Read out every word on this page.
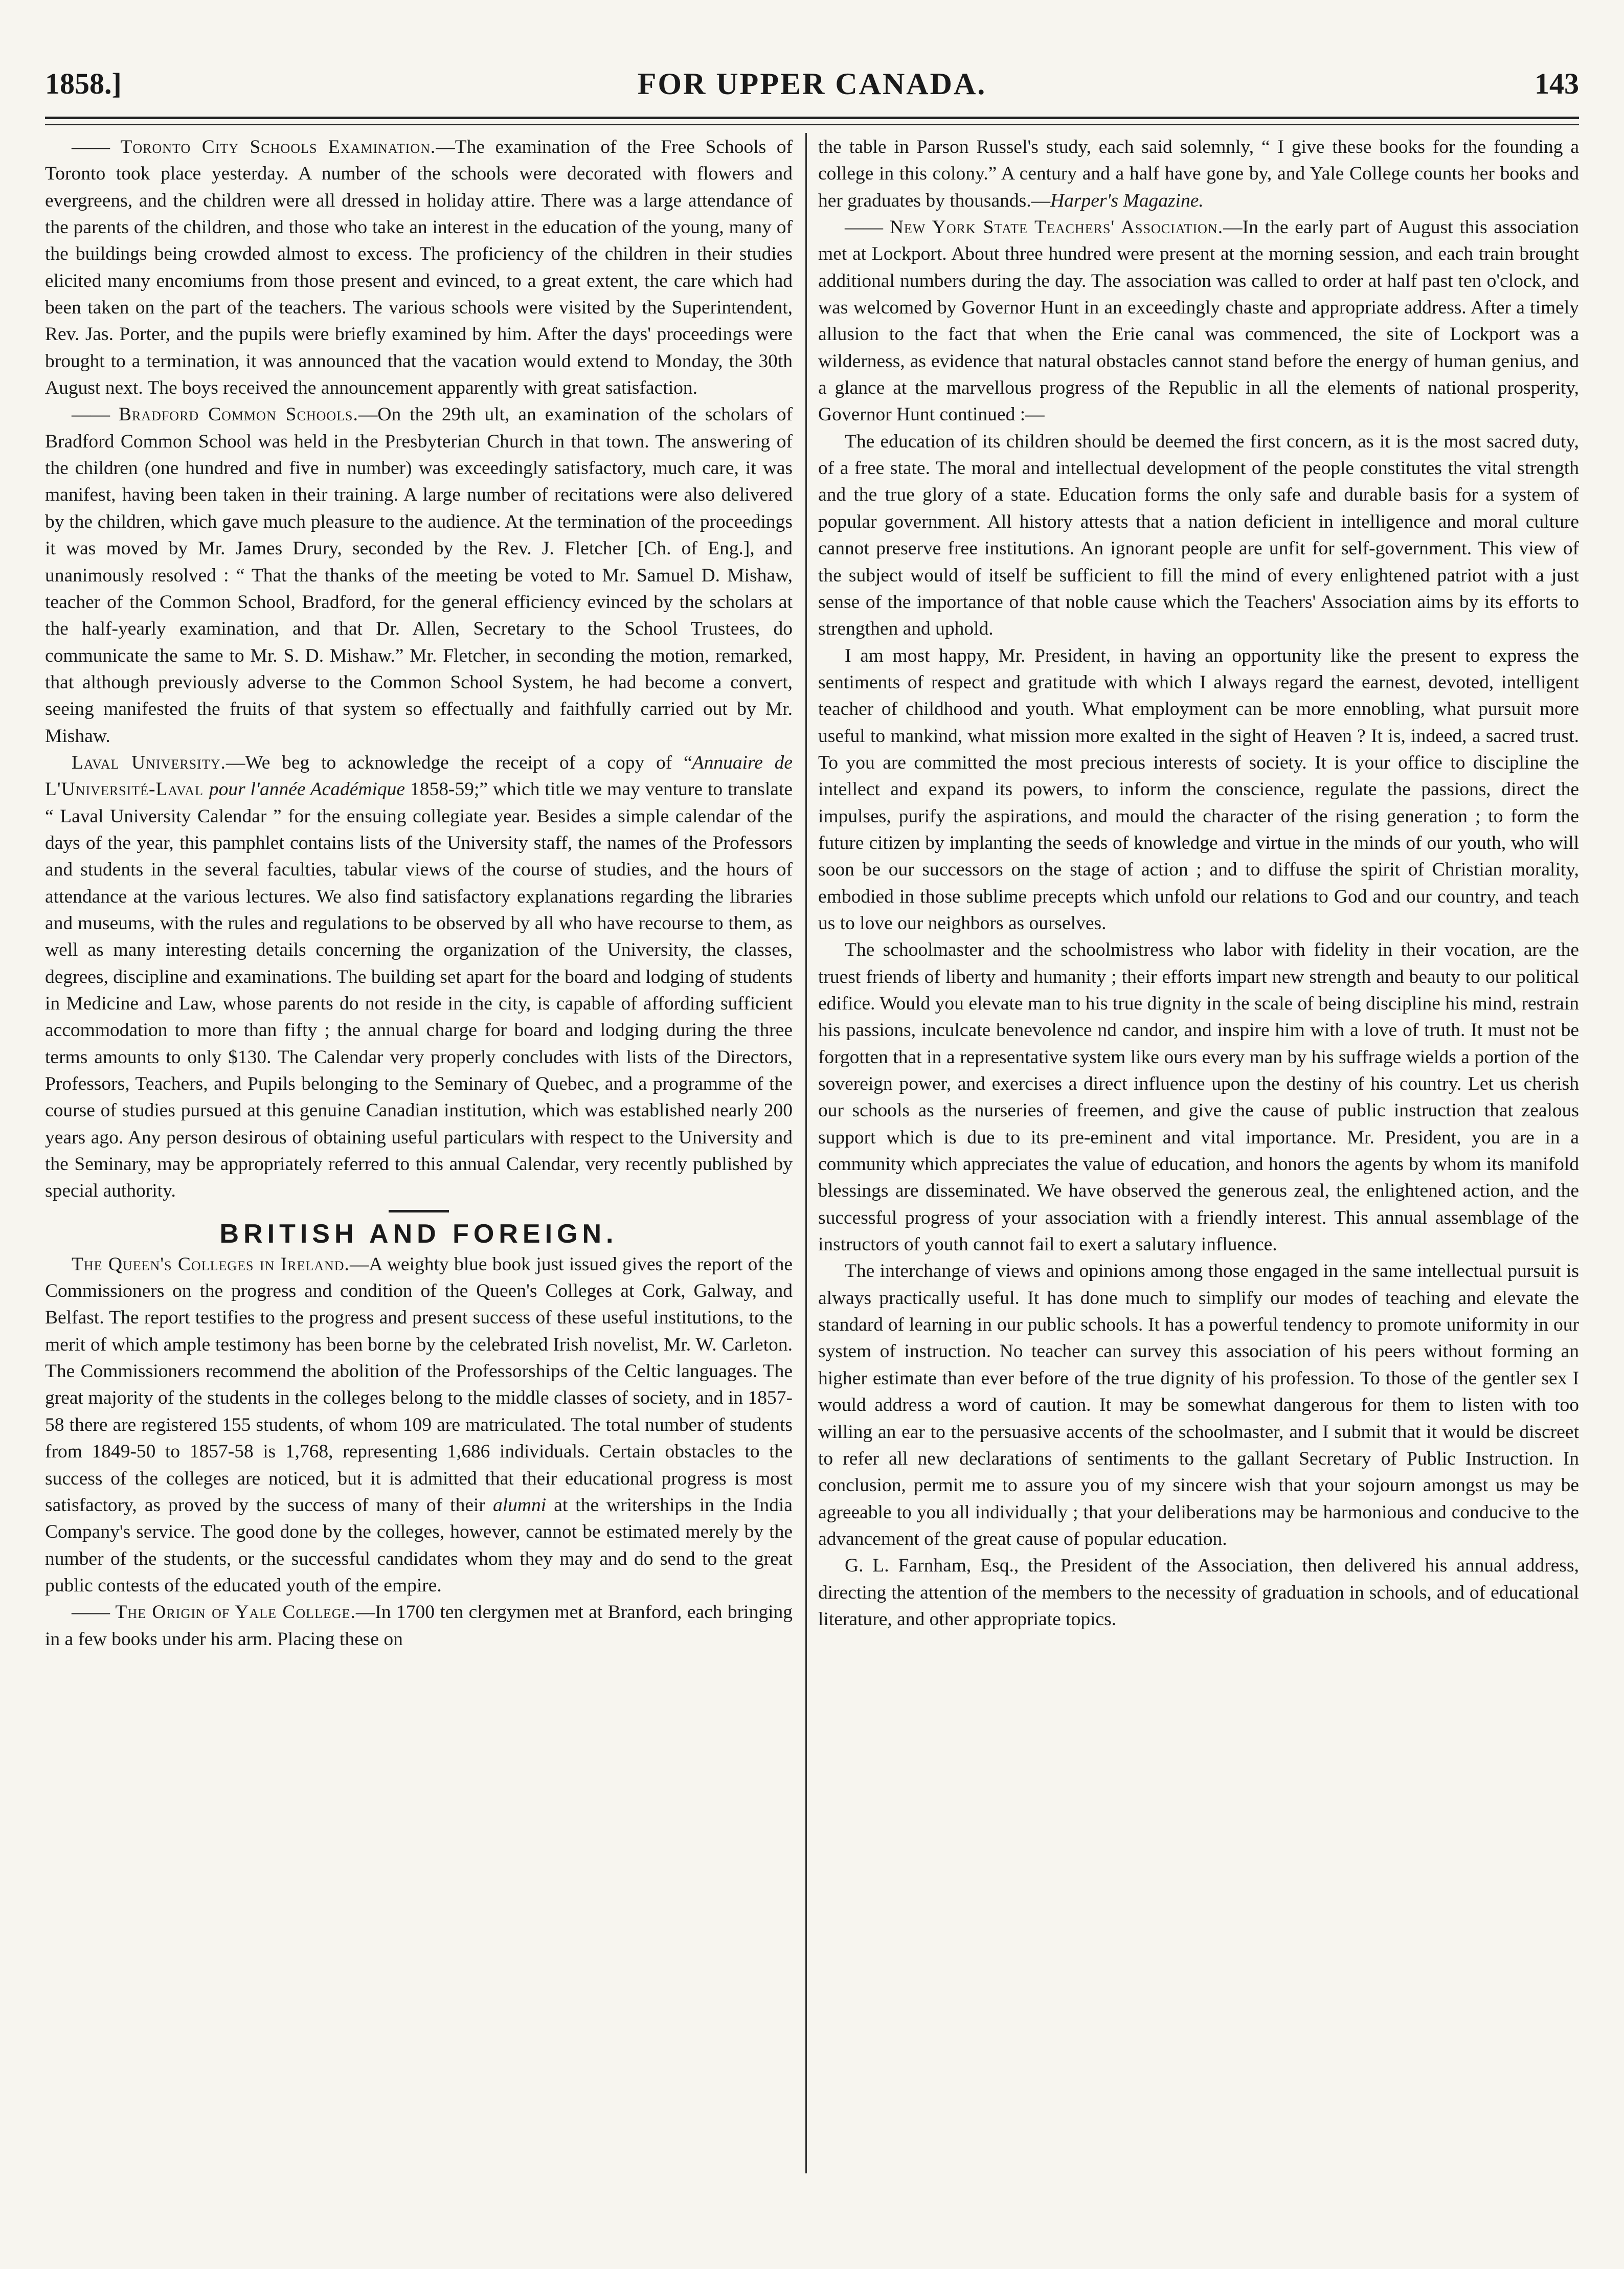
1858.]	FOR UPPER CANADA.	143

—— Toronto City Schools Examination.—The examination of the Free Schools of Toronto took place yesterday. A number of the schools were decorated with flowers and evergreens, and the children were all dressed in holiday attire. There was a large attendance of the parents of the children, and those who take an interest in the education of the young, many of the buildings being crowded almost to excess. The proficiency of the children in their studies elicited many encomiums from those present and evinced, to a great extent, the care which had been taken on the part of the teachers. The various schools were visited by the Superintendent, Rev. Jas. Porter, and the pupils were briefly examined by him. After the days' proceedings were brought to a termination, it was announced that the vacation would extend to Monday, the 30th August next. The boys received the announcement apparently with great satisfaction.

—— Bradford Common Schools.—On the 29th ult, an examination of the scholars of Bradford Common School was held in the Presbyterian Church in that town. The answering of the children (one hundred and five in number) was exceedingly satisfactory, much care, it was manifest, having been taken in their training. A large number of recitations were also delivered by the children, which gave much pleasure to the audience. At the termination of the proceedings it was moved by Mr. James Drury, seconded by the Rev. J. Fletcher [Ch. of Eng.], and unanimously resolved : “ That the thanks of the meeting be voted to Mr. Samuel D. Mishaw, teacher of the Common School, Bradford, for the general efficiency evinced by the scholars at the half-yearly examination, and that Dr. Allen, Secretary to the School Trustees, do communicate the same to Mr. S. D. Mishaw.” Mr. Fletcher, in seconding the motion, remarked, that although previously adverse to the Common School System, he had become a convert, seeing manifested the fruits of that system so effectually and faithfully carried out by Mr. Mishaw.

Laval University.—We beg to acknowledge the receipt of a copy of “Annuaire de L'Université-Laval pour l'année Académique 1858-59;” which title we may venture to translate “ Laval University Calendar ” for the ensuing collegiate year. Besides a simple calendar of the days of the year, this pamphlet contains lists of the University staff, the names of the Professors and students in the several faculties, tabular views of the course of studies, and the hours of attendance at the various lectures. We also find satisfactory explanations regarding the libraries and museums, with the rules and regulations to be observed by all who have recourse to them, as well as many interesting details concerning the organization of the University, the classes, degrees, discipline and examinations. The building set apart for the board and lodging of students in Medicine and Law, whose parents do not reside in the city, is capable of affording sufficient accommodation to more than fifty ; the annual charge for board and lodging during the three terms amounts to only $130. The Calendar very properly concludes with lists of the Directors, Professors, Teachers, and Pupils belonging to the Seminary of Quebec, and a programme of the course of studies pursued at this genuine Canadian institution, which was established nearly 200 years ago. Any person desirous of obtaining useful particulars with respect to the University and the Seminary, may be appropriately referred to this annual Calendar, very recently published by special authority.

BRITISH AND FOREIGN.

The Queen's Colleges in Ireland.—A weighty blue book just issued gives the report of the Commissioners on the progress and condition of the Queen's Colleges at Cork, Galway, and Belfast. The report testifies to the progress and present success of these useful institutions, to the merit of which ample testimony has been borne by the celebrated Irish novelist, Mr. W. Carleton. The Commissioners recommend the abolition of the Professorships of the Celtic languages. The great majority of the students in the colleges belong to the middle classes of society, and in 1857-58 there are registered 155 students, of whom 109 are matriculated. The total number of students from 1849-50 to 1857-58 is 1,768, representing 1,686 individuals. Certain obstacles to the success of the colleges are noticed, but it is admitted that their educational progress is most satisfactory, as proved by the success of many of their alumni at the writerships in the India Company's service. The good done by the colleges, however, cannot be estimated merely by the number of the students, or the successful candidates whom they may and do send to the great public contests of the educated youth of the empire.

—— The Origin of Yale College.—In 1700 ten clergymen met at Branford, each bringing in a few books under his arm. Placing these on

the table in Parson Russel's study, each said solemnly, “ I give these books for the founding a college in this colony.” A century and a half have gone by, and Yale College counts her books and her graduates by thousands.—Harper's Magazine.

—— New York State Teachers' Association.—In the early part of August this association met at Lockport. About three hundred were present at the morning session, and each train brought additional numbers during the day. The association was called to order at half past ten o'clock, and was welcomed by Governor Hunt in an exceedingly chaste and appropriate address. After a timely allusion to the fact that when the Erie canal was commenced, the site of Lockport was a wilderness, as evidence that natural obstacles cannot stand before the energy of human genius, and a glance at the marvellous progress of the Republic in all the elements of national prosperity, Governor Hunt continued :—

The education of its children should be deemed the first concern, as it is the most sacred duty, of a free state. The moral and intellectual development of the people constitutes the vital strength and the true glory of a state. Education forms the only safe and durable basis for a system of popular government. All history attests that a nation deficient in intelligence and moral culture cannot preserve free institutions. An ignorant people are unfit for self-government. This view of the subject would of itself be sufficient to fill the mind of every enlightened patriot with a just sense of the importance of that noble cause which the Teachers' Association aims by its efforts to strengthen and uphold.

I am most happy, Mr. President, in having an opportunity like the present to express the sentiments of respect and gratitude with which I always regard the earnest, devoted, intelligent teacher of childhood and youth. What employment can be more ennobling, what pursuit more useful to mankind, what mission more exalted in the sight of Heaven ? It is, indeed, a sacred trust. To you are committed the most precious interests of society. It is your office to discipline the intellect and expand its powers, to inform the conscience, regulate the passions, direct the impulses, purify the aspirations, and mould the character of the rising generation ; to form the future citizen by implanting the seeds of knowledge and virtue in the minds of our youth, who will soon be our successors on the stage of action ; and to diffuse the spirit of Christian morality, embodied in those sublime precepts which unfold our relations to God and our country, and teach us to love our neighbors as ourselves.

The schoolmaster and the schoolmistress who labor with fidelity in their vocation, are the truest friends of liberty and humanity ; their efforts impart new strength and beauty to our political edifice. Would you elevate man to his true dignity in the scale of being discipline his mind, restrain his passions, inculcate benevolence nd candor, and inspire him with a love of truth. It must not be forgotten that in a representative system like ours every man by his suffrage wields a portion of the sovereign power, and exercises a direct influence upon the destiny of his country. Let us cherish our schools as the nurseries of freemen, and give the cause of public instruction that zealous support which is due to its pre-eminent and vital importance. Mr. President, you are in a community which appreciates the value of education, and honors the agents by whom its manifold blessings are disseminated. We have observed the generous zeal, the enlightened action, and the successful progress of your association with a friendly interest. This annual assemblage of the instructors of youth cannot fail to exert a salutary influence.

The interchange of views and opinions among those engaged in the same intellectual pursuit is always practically useful. It has done much to simplify our modes of teaching and elevate the standard of learning in our public schools. It has a powerful tendency to promote uniformity in our system of instruction. No teacher can survey this association of his peers without forming an higher estimate than ever before of the true dignity of his profession. To those of the gentler sex I would address a word of caution. It may be somewhat dangerous for them to listen with too willing an ear to the persuasive accents of the schoolmaster, and I submit that it would be discreet to refer all new declarations of sentiments to the gallant Secretary of Public Instruction. In conclusion, permit me to assure you of my sincere wish that your sojourn amongst us may be agreeable to you all individually ; that your deliberations may be harmonious and conducive to the advancement of the great cause of popular education.

G. L. Farnham, Esq., the President of the Association, then delivered his annual address, directing the attention of the members to the necessity of graduation in schools, and of educational literature, and other appropriate topics.
